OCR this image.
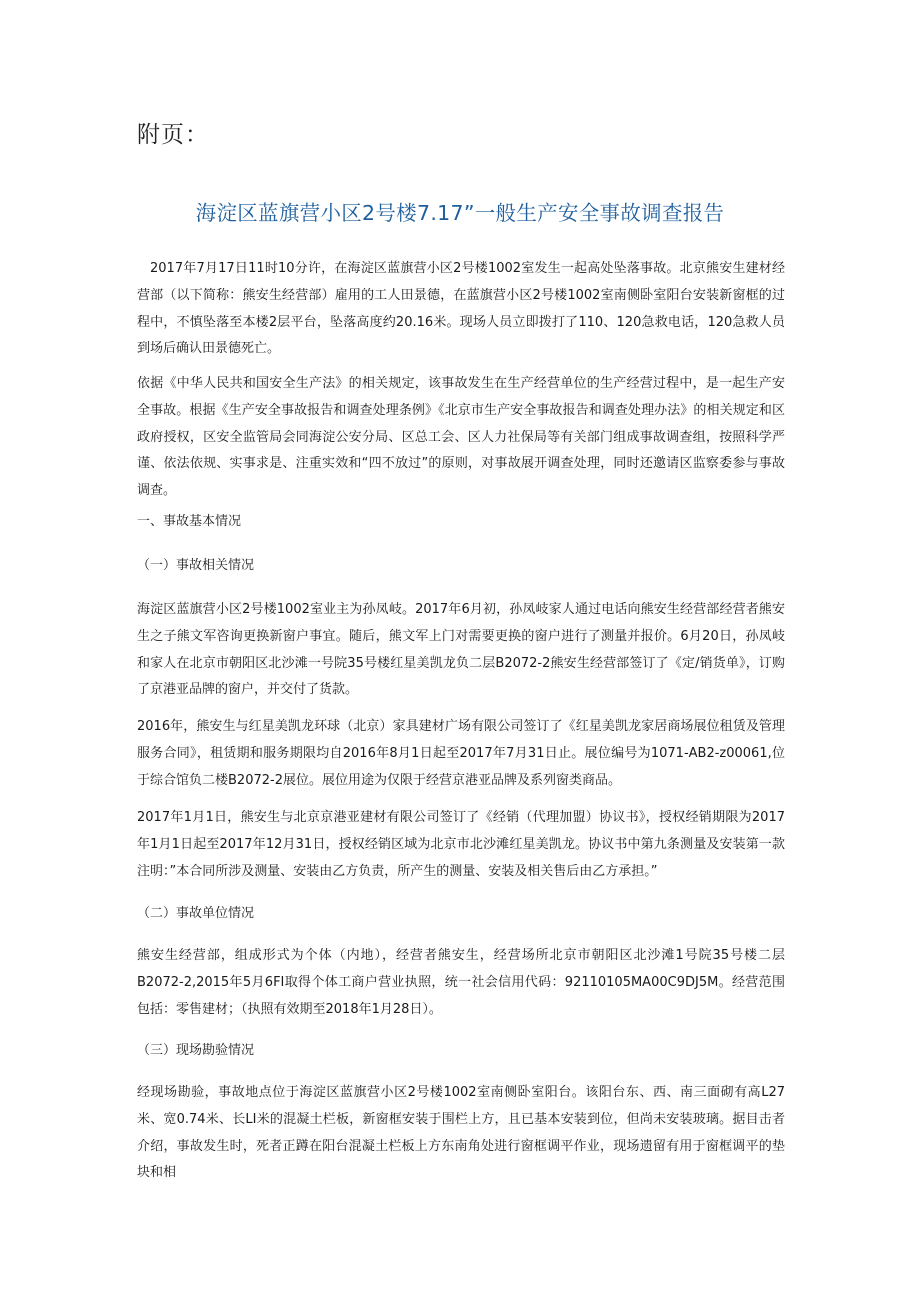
附页：
海淀区蓝旗营小区2号楼7.17”一般生产安全事故调查报告
2017年7月17日11时10分许，在海淀区蓝旗营小区2号楼1002室发生一起高处坠落事故。北京熊安生建材经营部（以下简称：熊安生经营部）雇用的工人田景德，在蓝旗营小区2号楼1002室南侧卧室阳台安装新窗框的过程中，不慎坠落至本楼2层平台，坠落高度约20.16米。现场人员立即拨打了110、120急救电话，120急救人员到场后确认田景德死亡。
依据《中华人民共和国安全生产法》的相关规定，该事故发生在生产经营单位的生产经营过程中，是一起生产安全事故。根据《生产安全事故报告和调查处理条例》《北京市生产安全事故报告和调查处理办法》的相关规定和区政府授权，区安全监管局会同海淀公安分局、区总工会、区人力社保局等有关部门组成事故调查组，按照科学严谨、依法依规、实事求是、注重实效和“四不放过”的原则，对事故展开调查处理，同时还邀请区监察委参与事故调查。
一、事故基本情况
（一）事故相关情况
海淀区蓝旗营小区2号楼1002室业主为孙凤岐。2017年6月初，孙凤岐家人通过电话向熊安生经营部经营者熊安生之子熊文军咨询更换新窗户事宜。随后，熊文军上门对需要更换的窗户进行了测量并报价。6月20日，孙凤岐和家人在北京市朝阳区北沙滩一号院35号楼红星美凯龙负二层B2072-2熊安生经营部签订了《定/销货单》，订购了京港亚品牌的窗户，并交付了货款。
2016年，熊安生与红星美凯龙环球（北京）家具建材广场有限公司签订了《红星美凯龙家居商场展位租赁及管理服务合同》，租赁期和服务期限均自2016年8月1日起至2017年7月31日止。展位编号为1071-AB2-z00061,位于综合馆负二楼B2072-2展位。展位用途为仅限于经营京港亚品牌及系列窗类商品。
2017年1月1日，熊安生与北京京港亚建材有限公司签订了《经销（代理加盟）协议书》，授权经销期限为2017年1月1日起至2017年12月31日，授权经销区域为北京市北沙滩红星美凯龙。协议书中第九条测量及安装第一款注明：”本合同所涉及测量、安装由乙方负责，所产生的测量、安装及相关售后由乙方承担。”
（二）事故单位情况
熊安生经营部，组成形式为个体（内地），经营者熊安生，经营场所北京市朝阳区北沙滩1号院35号楼二层B2072-2,2015年5月6FI取得个体工商户营业执照，统一社会信用代码：92110105MA00C9DJ5M。经营范围包括：零售建材；（执照有效期至2018年1月28日）。
（三）现场勘验情况
经现场勘验，事故地点位于海淀区蓝旗营小区2号楼1002室南侧卧室阳台。该阳台东、西、南三面砌有高L27米、宽0.74米、长LI米的混凝土栏板，新窗框安装于围栏上方，且已基本安装到位，但尚未安装玻璃。据目击者介绍，事故发生时，死者正蹲在阳台混凝土栏板上方东南角处进行窗框调平作业，现场遗留有用于窗框调平的垫块和相
